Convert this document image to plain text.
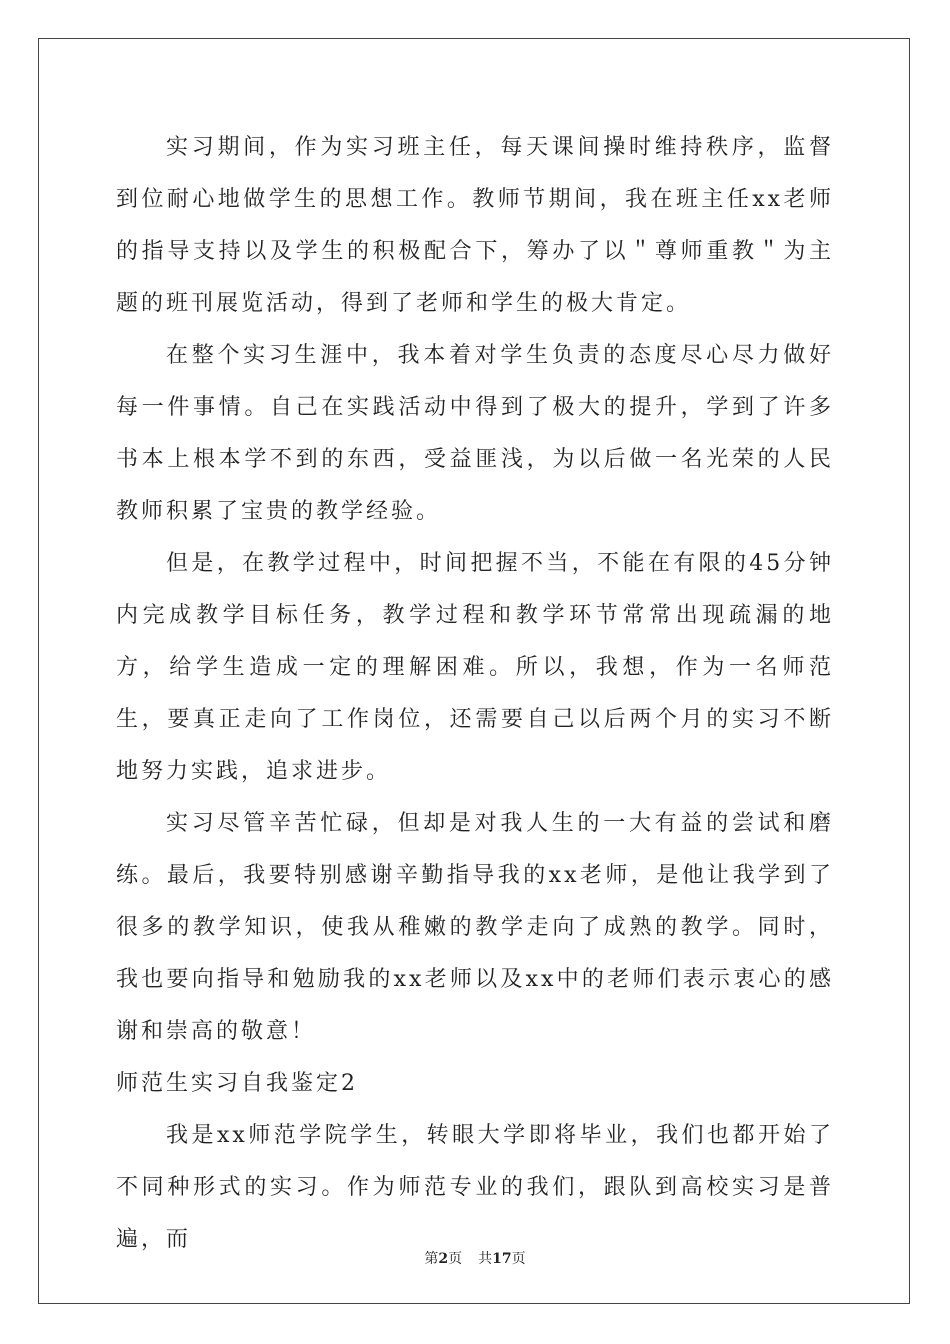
实习期间，作为实习班主任，每天课间操时维持秩序，监督到位耐心地做学生的思想工作。教师节期间，我在班主任xx老师的指导支持以及学生的积极配合下，筹办了以＂尊师重教＂为主题的班刊展览活动，得到了老师和学生的极大肯定。

在整个实习生涯中，我本着对学生负责的态度尽心尽力做好每一件事情。自己在实践活动中得到了极大的提升，学到了许多书本上根本学不到的东西，受益匪浅，为以后做一名光荣的人民教师积累了宝贵的教学经验。

但是，在教学过程中，时间把握不当，不能在有限的45分钟内完成教学目标任务，教学过程和教学环节常常出现疏漏的地方，给学生造成一定的理解困难。所以，我想，作为一名师范生，要真正走向了工作岗位，还需要自己以后两个月的实习不断地努力实践，追求进步。

实习尽管辛苦忙碌，但却是对我人生的一大有益的尝试和磨练。最后，我要特别感谢辛勤指导我的xx老师，是他让我学到了很多的教学知识，使我从稚嫩的教学走向了成熟的教学。同时，我也要向指导和勉励我的xx老师以及xx中的老师们表示衷心的感谢和崇高的敬意！

师范生实习自我鉴定2

我是xx师范学院学生，转眼大学即将毕业，我们也都开始了不同种形式的实习。作为师范专业的我们，跟队到高校实习是普遍，而

第2页 共17页
